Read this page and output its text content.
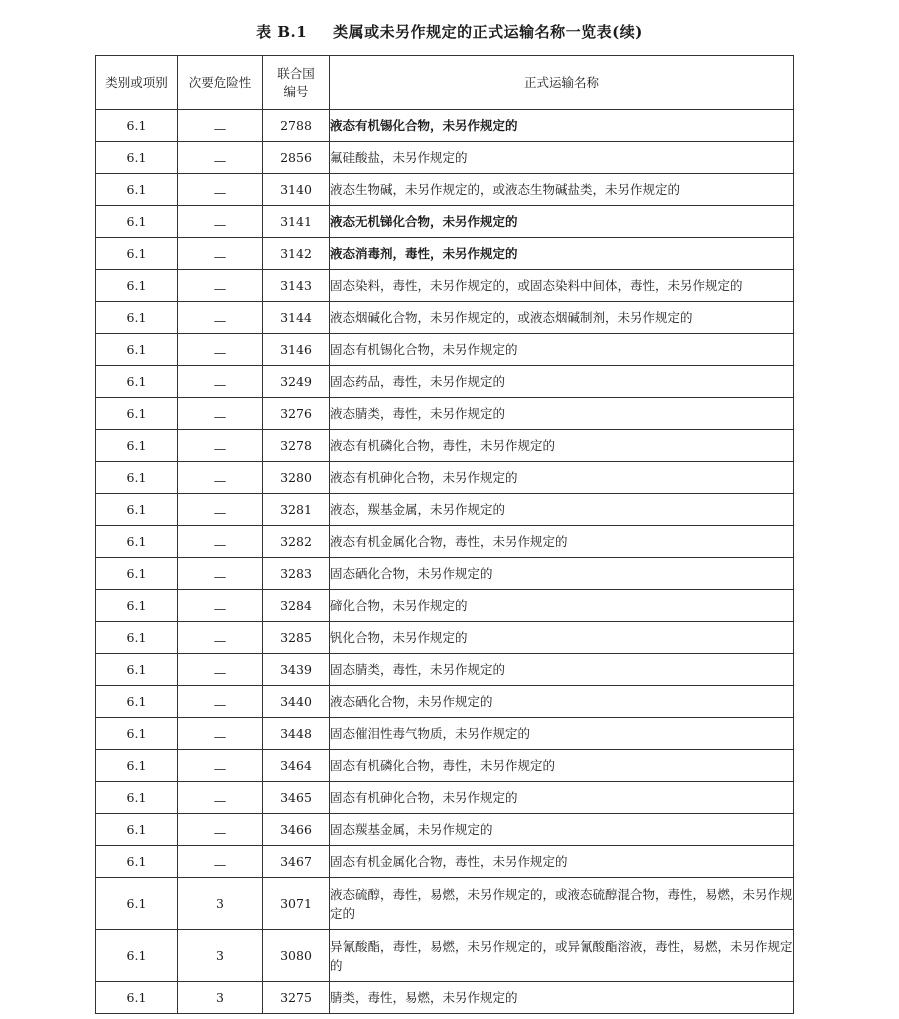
表 B.1 类属或未另作规定的正式运输名称一览表(续)
类别或项别	次要危险性	联合国编号	正式运输名称
6.1	—	2788	液态有机锡化合物，未另作规定的
6.1	—	2856	氟硅酸盐，未另作规定的
6.1	—	3140	液态生物碱，未另作规定的，或液态生物碱盐类，未另作规定的
6.1	—	3141	液态无机锑化合物，未另作规定的
6.1	—	3142	液态消毒剂，毒性，未另作规定的
6.1	—	3143	固态染料，毒性，未另作规定的，或固态染料中间体，毒性，未另作规定的
6.1	—	3144	液态烟碱化合物，未另作规定的，或液态烟碱制剂，未另作规定的
6.1	—	3146	固态有机锡化合物，未另作规定的
6.1	—	3249	固态药品，毒性，未另作规定的
6.1	—	3276	液态腈类，毒性，未另作规定的
6.1	—	3278	液态有机磷化合物，毒性，未另作规定的
6.1	—	3280	液态有机砷化合物，未另作规定的
6.1	—	3281	液态，羰基金属，未另作规定的
6.1	—	3282	液态有机金属化合物，毒性，未另作规定的
6.1	—	3283	固态硒化合物，未另作规定的
6.1	—	3284	碲化合物，未另作规定的
6.1	—	3285	钒化合物，未另作规定的
6.1	—	3439	固态腈类，毒性，未另作规定的
6.1	—	3440	液态硒化合物，未另作规定的
6.1	—	3448	固态催泪性毒气物质，未另作规定的
6.1	—	3464	固态有机磷化合物，毒性，未另作规定的
6.1	—	3465	固态有机砷化合物，未另作规定的
6.1	—	3466	固态羰基金属，未另作规定的
6.1	—	3467	固态有机金属化合物，毒性，未另作规定的
6.1	3	3071	液态硫醇，毒性，易燃，未另作规定的，或液态硫醇混合物，毒性，易燃，未另作规定的
6.1	3	3080	异氰酸酯，毒性，易燃，未另作规定的，或异氰酸酯溶液，毒性，易燃，未另作规定的
6.1	3	3275	腈类，毒性，易燃，未另作规定的
